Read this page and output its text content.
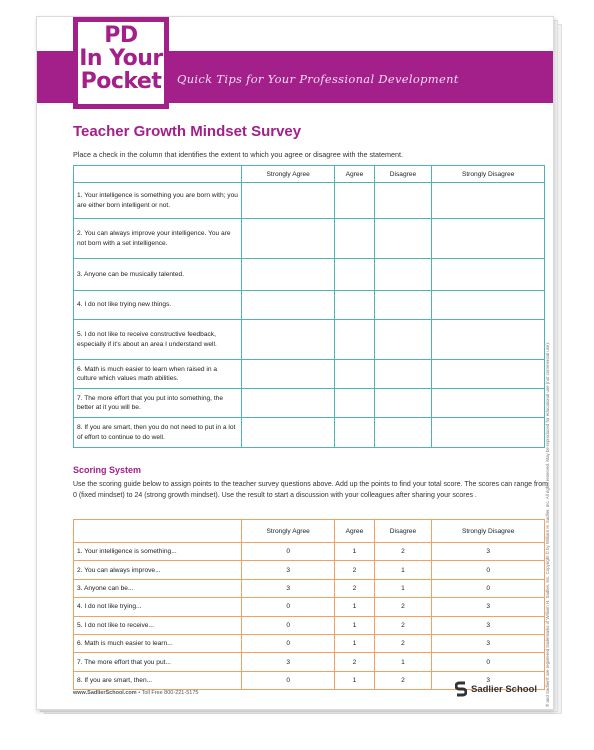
PD
In Your
Pocket Quick Tips for Your Professional Development
Teacher Growth Mindset Survey
Place a check in the column that identifies the extent to which you agree or disagree with the statement.
	Strongly Agree	Agree	Disagree	Strongly Disagree
1. Your intelligence is something you are born with; you are either born intelligent or not.				
2. You can always improve your intelligence. You are not born with a set intelligence.				
3. Anyone can be musically talented.				
4. I do not like trying new things.				
5. I do not like to receive constructive feedback, especially if it's about an area I understand well.				
6. Math is much easier to learn when raised in a culture which values math abilities.				
7. The more effort that you put into something, the better at it you will be.				
8. If you are smart, then you do not need to put in a lot of effort to continue to do well.				
Scoring System
Use the scoring guide below to assign points to the teacher survey questions above. Add up the points to find your total score. The scores can range from 0 (fixed mindset) to 24 (strong growth mindset). Use the result to start a discussion with your colleagues after sharing your scores .
	Strongly Agree	Agree	Disagree	Strongly Disagree
1. Your intelligence is something...	0	1	2	3
2. You can always improve...	3	2	1	0
3. Anyone can be...	3	2	1	0
4. I do not like trying...	0	1	2	3
5. I do not like to receive...	0	1	2	3
6. Math is much easier to learn...	0	1	2	3
7. The more effort that you put...	3	2	1	0
8. If you are smart, then...	0	1	2	3
www.SadlierSchool.com • Toll Free 800-221-5175	Sadlier School ® and Sadlier® are registered trademarks of William H. Sadlier, Inc. Copyright © by William H. Sadlier, Inc. All rights reserved. May be reproduced for educational use (not commercial use).
